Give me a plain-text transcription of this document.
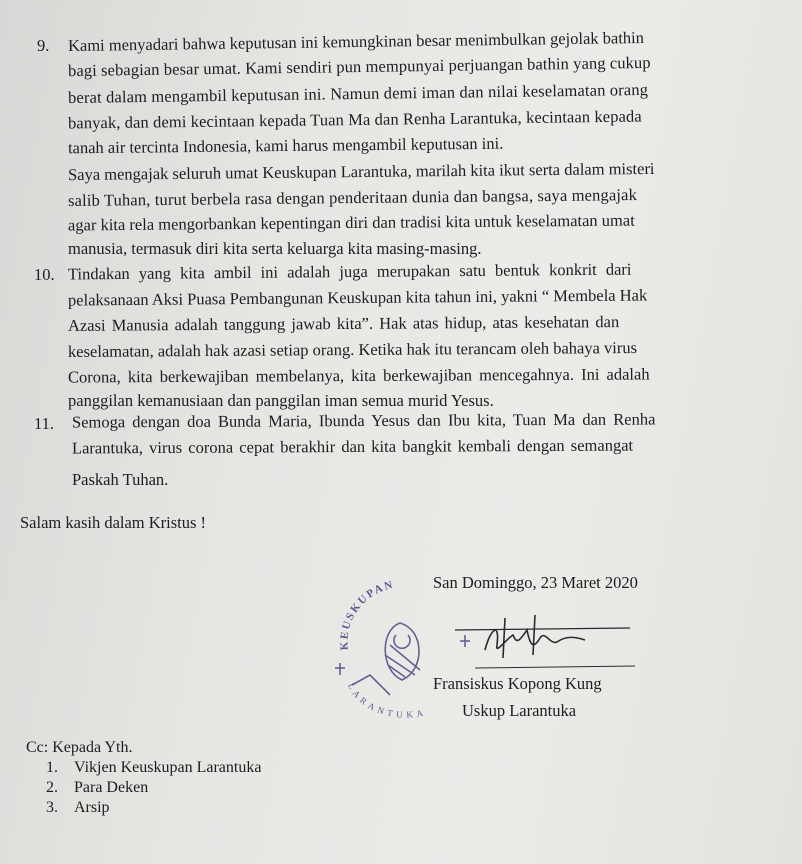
9. Kami menyadari bahwa keputusan ini kemungkinan besar menimbulkan gejolak bathin
bagi sebagian besar umat. Kami sendiri pun mempunyai perjuangan bathin yang cukup
berat dalam mengambil keputusan ini. Namun demi iman dan nilai keselamatan orang
banyak, dan demi kecintaan kepada Tuan Ma dan Renha Larantuka, kecintaan kepada
tanah air tercinta Indonesia, kami harus mengambil keputusan ini.
Saya mengajak seluruh umat Keuskupan Larantuka, marilah kita ikut serta dalam misteri
salib Tuhan, turut berbela rasa dengan penderitaan dunia dan bangsa, saya mengajak
agar kita rela mengorbankan kepentingan diri dan tradisi kita untuk keselamatan umat
manusia, termasuk diri kita serta keluarga kita masing-masing.
10. Tindakan yang kita ambil ini adalah juga merupakan satu bentuk konkrit dari
pelaksanaan Aksi Puasa Pembangunan Keuskupan kita tahun ini, yakni “ Membela Hak
Azasi Manusia adalah tanggung jawab kita”. Hak atas hidup, atas kesehatan dan
keselamatan, adalah hak azasi setiap orang. Ketika hak itu terancam oleh bahaya virus
Corona, kita berkewajiban membelanya, kita berkewajiban mencegahnya. Ini adalah
panggilan kemanusiaan dan panggilan iman semua murid Yesus.
11. Semoga dengan doa Bunda Maria, Ibunda Yesus dan Ibu kita, Tuan Ma dan Renha
Larantuka, virus corona cepat berakhir dan kita bangkit kembali dengan semangat
Paskah Tuhan.
Salam kasih dalam Kristus !
KEUSKUPAN
LARANTUKA
San Dominggo, 23 Maret 2020
Fransiskus Kopong Kung
Uskup Larantuka
Cc: Kepada Yth.
1.	Vikjen Keuskupan Larantuka
2.	Para Deken
3.	Arsip
